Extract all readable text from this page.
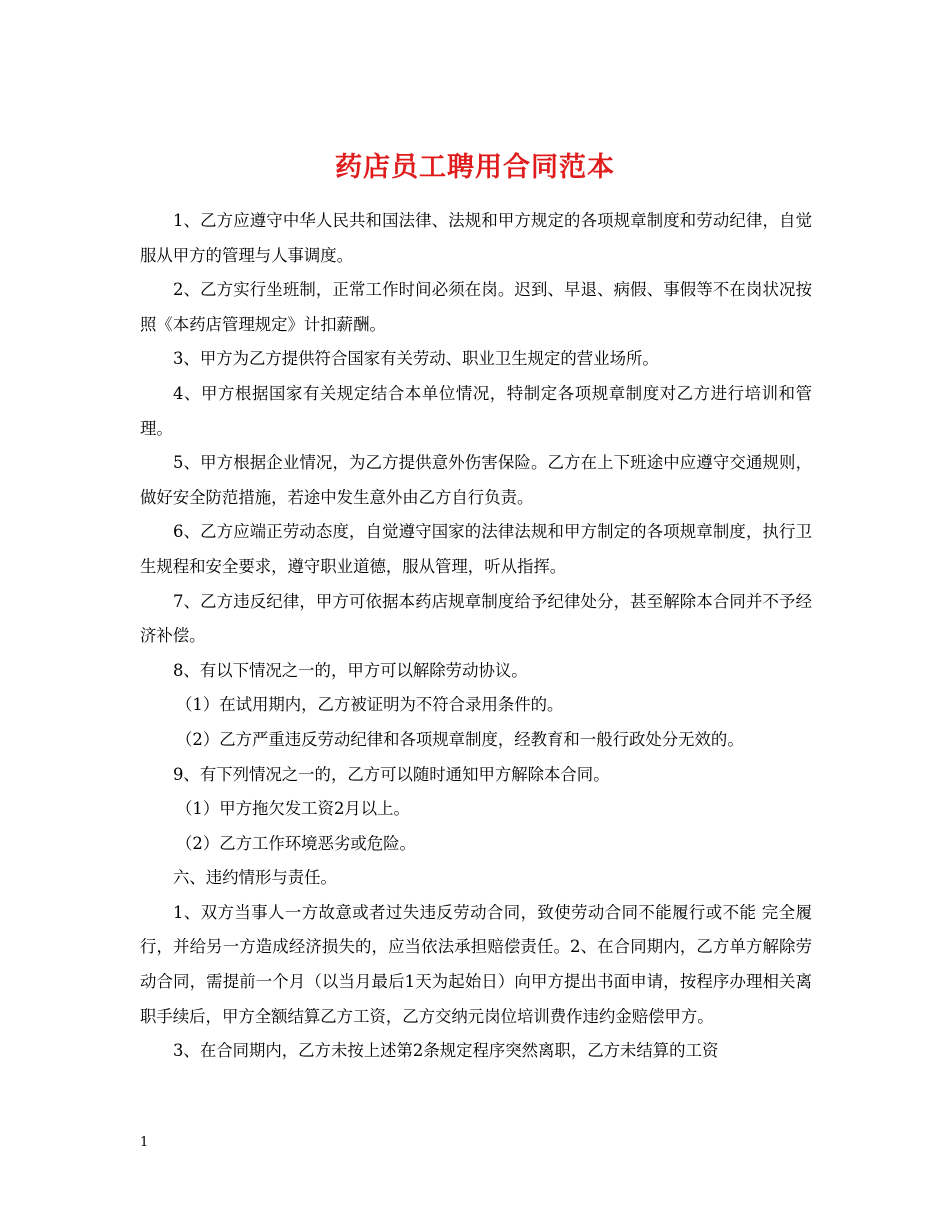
药店员工聘用合同范本

1、乙方应遵守中华人民共和国法律、法规和甲方规定的各项规章制度和劳动纪律，自觉服从甲方的管理与人事调度。

2、乙方实行坐班制，正常工作时间必须在岗。迟到、早退、病假、事假等不在岗状况按照《本药店管理规定》计扣薪酬。

3、甲方为乙方提供符合国家有关劳动、职业卫生规定的营业场所。

4、甲方根据国家有关规定结合本单位情况，特制定各项规章制度对乙方进行培训和管理。

5、甲方根据企业情况，为乙方提供意外伤害保险。乙方在上下班途中应遵守交通规则，做好安全防范措施，若途中发生意外由乙方自行负责。

6、乙方应端正劳动态度，自觉遵守国家的法律法规和甲方制定的各项规章制度，执行卫生规程和安全要求，遵守职业道德，服从管理，听从指挥。

7、乙方违反纪律，甲方可依据本药店规章制度给予纪律处分，甚至解除本合同并不予经济补偿。

8、有以下情况之一的，甲方可以解除劳动协议。

（1）在试用期内，乙方被证明为不符合录用条件的。

（2）乙方严重违反劳动纪律和各项规章制度，经教育和一般行政处分无效的。

9、有下列情况之一的，乙方可以随时通知甲方解除本合同。

（1）甲方拖欠发工资2月以上。

（2）乙方工作环境恶劣或危险。

六、违约情形与责任。

1、双方当事人一方故意或者过失违反劳动合同，致使劳动合同不能履行或不能 完全履行，并给另一方造成经济损失的，应当依法承担赔偿责任。2、在合同期内，乙方单方解除劳动合同，需提前一个月（以当月最后1天为起始日）向甲方提出书面申请，按程序办理相关离职手续后，甲方全额结算乙方工资，乙方交纳元岗位培训费作违约金赔偿甲方。

3、在合同期内，乙方未按上述第2条规定程序突然离职，乙方未结算的工资

1
